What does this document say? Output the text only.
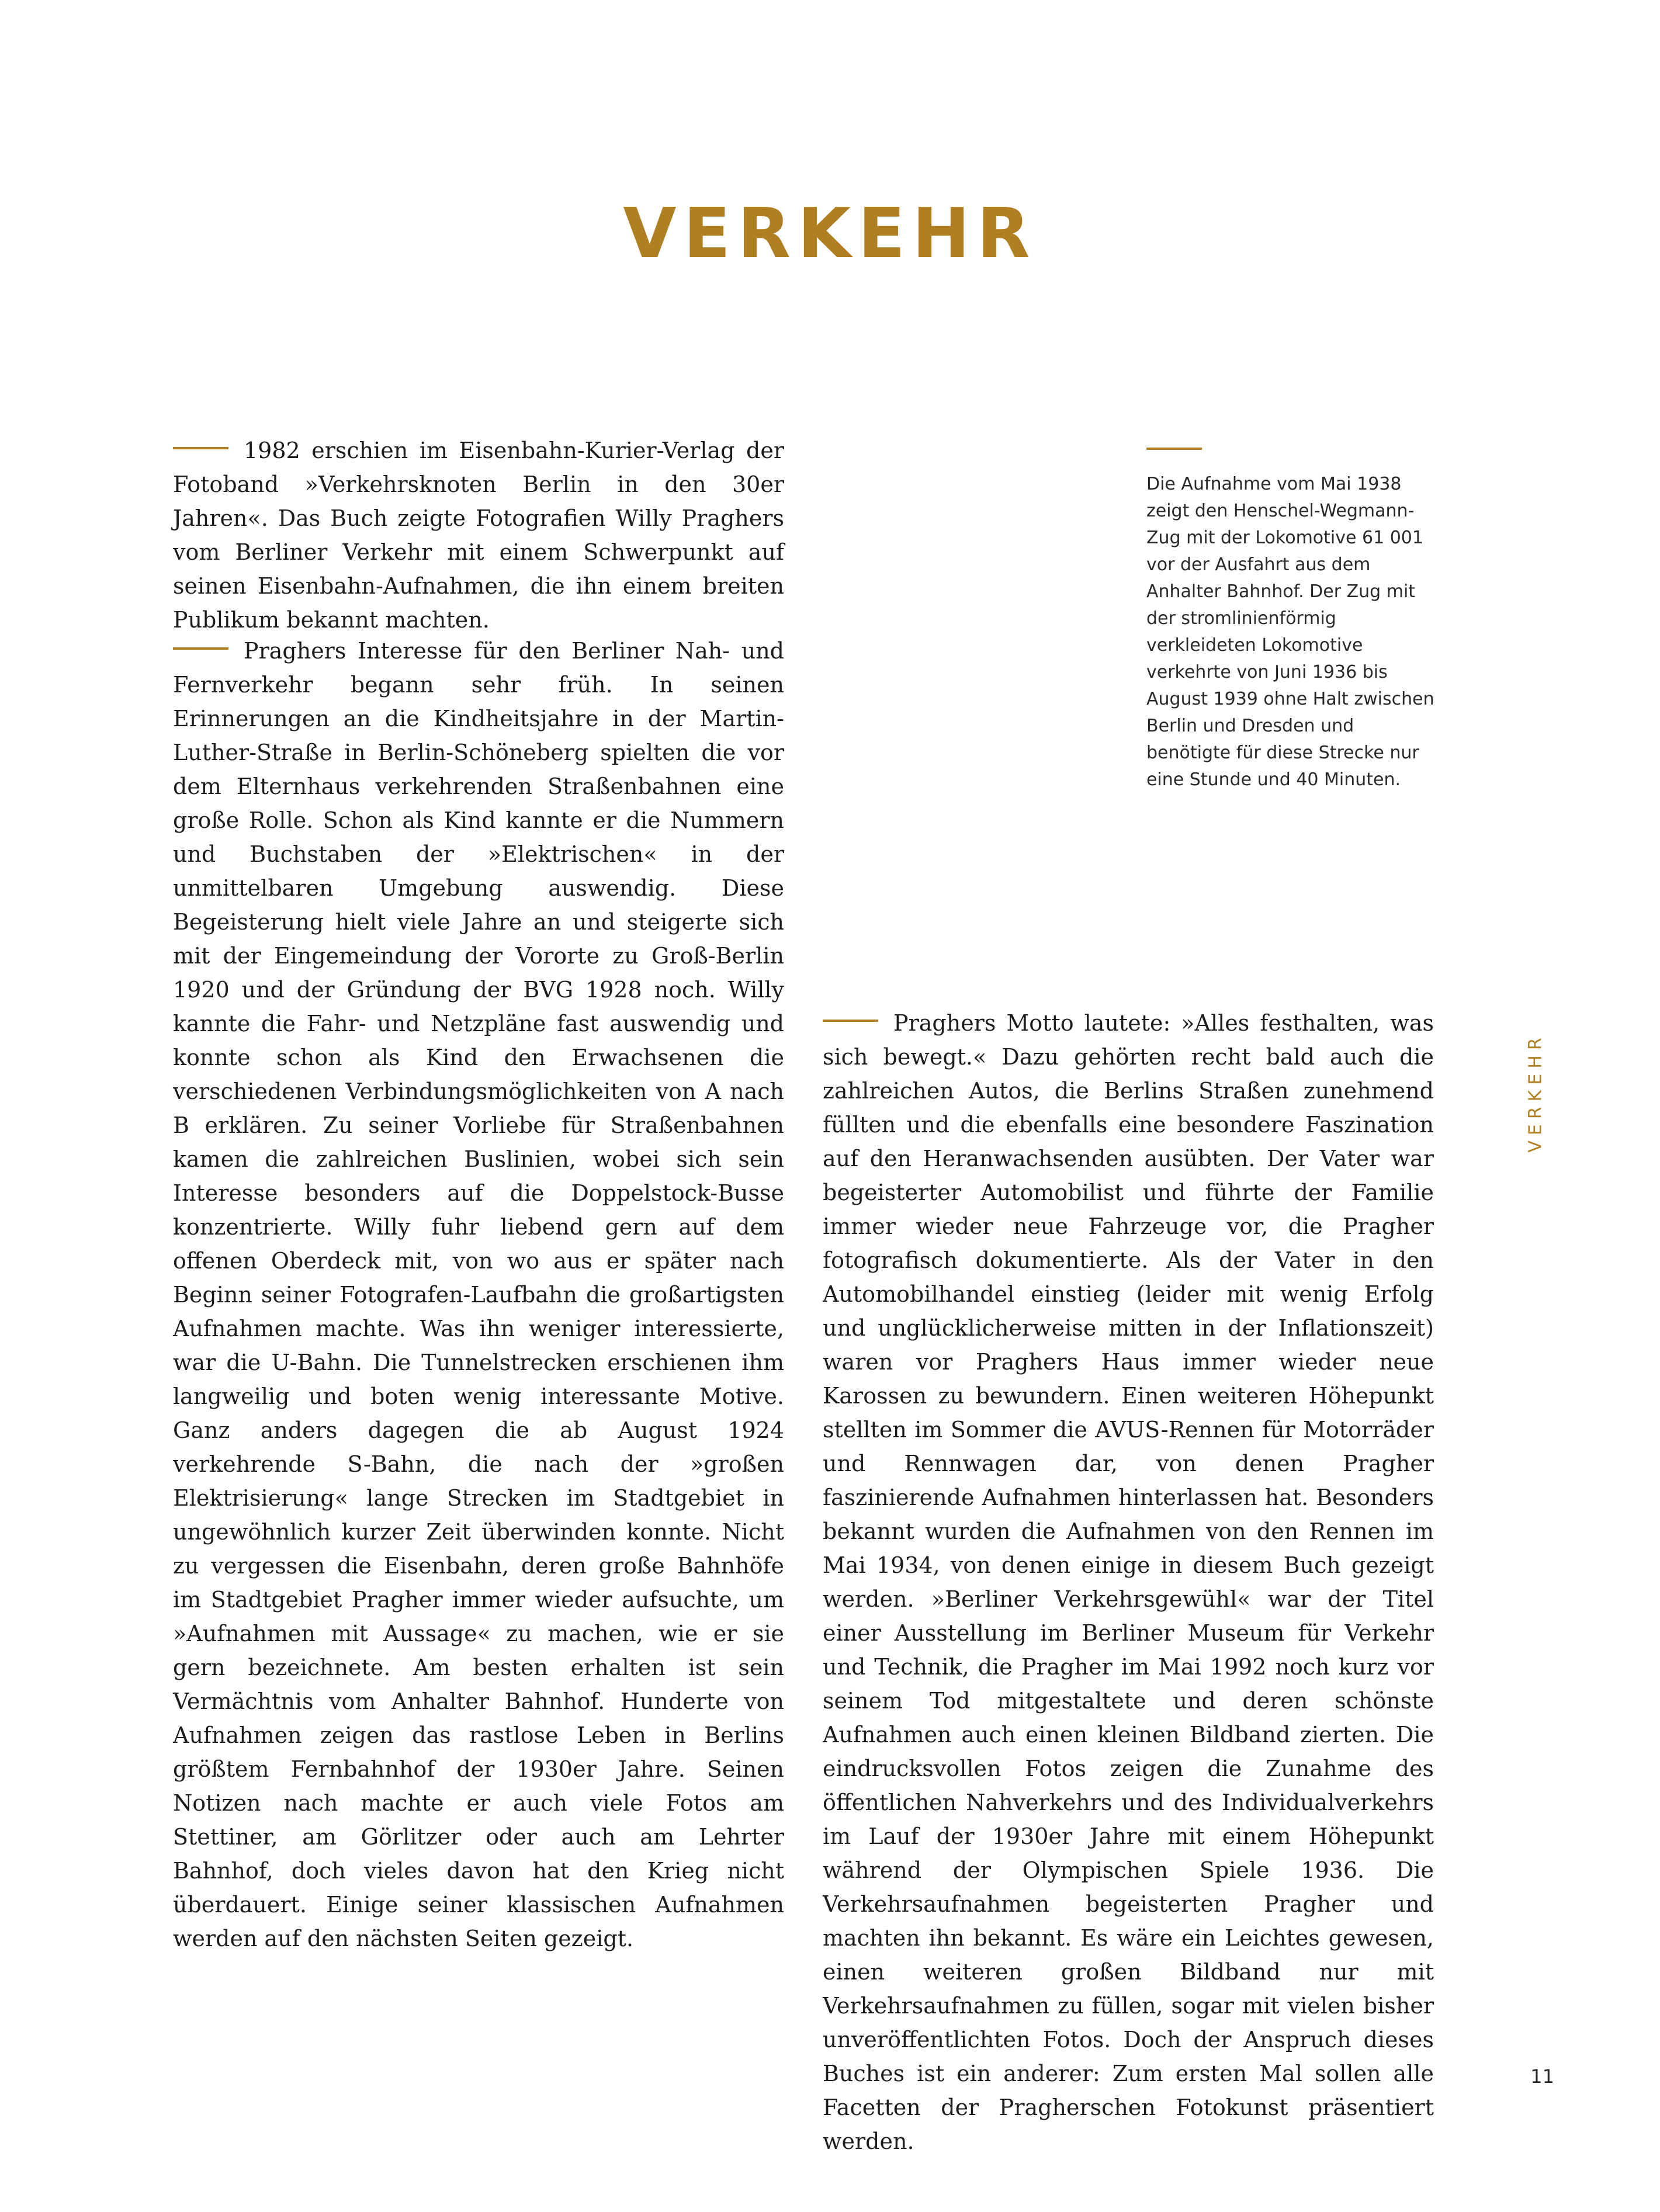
VERKEHR

1982 erschien im Eisenbahn-Kurier-Verlag der Fotoband »Verkehrsknoten Berlin in den 30er Jahren«. Das Buch zeigte Fotografien Willy Praghers vom Berliner Verkehr mit einem Schwerpunkt auf seinen Eisenbahn-Aufnahmen, die ihn einem breiten Publikum bekannt machten.

Praghers Interesse für den Berliner Nah- und Fernverkehr begann sehr früh. In seinen Erinnerungen an die Kindheitsjahre in der Martin-Luther-Straße in Berlin-Schöneberg spielten die vor dem Elternhaus verkehrenden Straßenbahnen eine große Rolle. Schon als Kind kannte er die Nummern und Buchstaben der »Elektrischen« in der unmittelbaren Umgebung auswendig. Diese Begeisterung hielt viele Jahre an und steigerte sich mit der Eingemeindung der Vororte zu Groß-Berlin 1920 und der Gründung der BVG 1928 noch. Willy kannte die Fahr- und Netzpläne fast auswendig und konnte schon als Kind den Erwachsenen die verschiedenen Verbindungsmöglichkeiten von A nach B erklären. Zu seiner Vorliebe für Straßenbahnen kamen die zahlreichen Buslinien, wobei sich sein Interesse besonders auf die Doppelstock-Busse konzentrierte. Willy fuhr liebend gern auf dem offenen Oberdeck mit, von wo aus er später nach Beginn seiner Fotografen-Laufbahn die großartigsten Aufnahmen machte. Was ihn weniger interessierte, war die U-Bahn. Die Tunnelstrecken erschienen ihm langweilig und boten wenig interessante Motive. Ganz anders dagegen die ab August 1924 verkehrende S-Bahn, die nach der »großen Elektrisierung« lange Strecken im Stadtgebiet in ungewöhnlich kurzer Zeit überwinden konnte. Nicht zu vergessen die Eisenbahn, deren große Bahnhöfe im Stadtgebiet Pragher immer wieder aufsuchte, um »Aufnahmen mit Aussage« zu machen, wie er sie gern bezeichnete. Am besten erhalten ist sein Vermächtnis vom Anhalter Bahnhof. Hunderte von Aufnahmen zeigen das rastlose Leben in Berlins größtem Fernbahnhof der 1930er Jahre. Seinen Notizen nach machte er auch viele Fotos am Stettiner, am Görlitzer oder auch am Lehrter Bahnhof, doch vieles davon hat den Krieg nicht überdauert. Einige seiner klassischen Aufnahmen werden auf den nächsten Seiten gezeigt.

Die Aufnahme vom Mai 1938 zeigt den Henschel-Wegmann-Zug mit der Lokomotive 61 001 vor der Ausfahrt aus dem Anhalter Bahnhof. Der Zug mit der stromlinienförmig verkleideten Lokomotive verkehrte von Juni 1936 bis August 1939 ohne Halt zwischen Berlin und Dresden und benötigte für diese Strecke nur eine Stunde und 40 Minuten.

Praghers Motto lautete: »Alles festhalten, was sich bewegt.« Dazu gehörten recht bald auch die zahlreichen Autos, die Berlins Straßen zunehmend füllten und die ebenfalls eine besondere Faszination auf den Heranwachsenden ausübten. Der Vater war begeisterter Automobilist und führte der Familie immer wieder neue Fahrzeuge vor, die Pragher fotografisch dokumentierte. Als der Vater in den Automobilhandel einstieg (leider mit wenig Erfolg und unglücklicherweise mitten in der Inflationszeit) waren vor Praghers Haus immer wieder neue Karossen zu bewundern. Einen weiteren Höhepunkt stellten im Sommer die AVUS-Rennen für Motorräder und Rennwagen dar, von denen Pragher faszinierende Aufnahmen hinterlassen hat. Besonders bekannt wurden die Aufnahmen von den Rennen im Mai 1934, von denen einige in diesem Buch gezeigt werden. »Berliner Verkehrsgewühl« war der Titel einer Ausstellung im Berliner Museum für Verkehr und Technik, die Pragher im Mai 1992 noch kurz vor seinem Tod mitgestaltete und deren schönste Aufnahmen auch einen kleinen Bildband zierten. Die eindrucksvollen Fotos zeigen die Zunahme des öffentlichen Nahverkehrs und des Individualverkehrs im Lauf der 1930er Jahre mit einem Höhepunkt während der Olympischen Spiele 1936. Die Verkehrsaufnahmen begeisterten Pragher und machten ihn bekannt. Es wäre ein Leichtes gewesen, einen weiteren großen Bildband nur mit Verkehrsaufnahmen zu füllen, sogar mit vielen bisher unveröffentlichten Fotos. Doch der Anspruch dieses Buches ist ein anderer: Zum ersten Mal sollen alle Facetten der Pragherschen Fotokunst präsentiert werden.

VERKEHR
11
